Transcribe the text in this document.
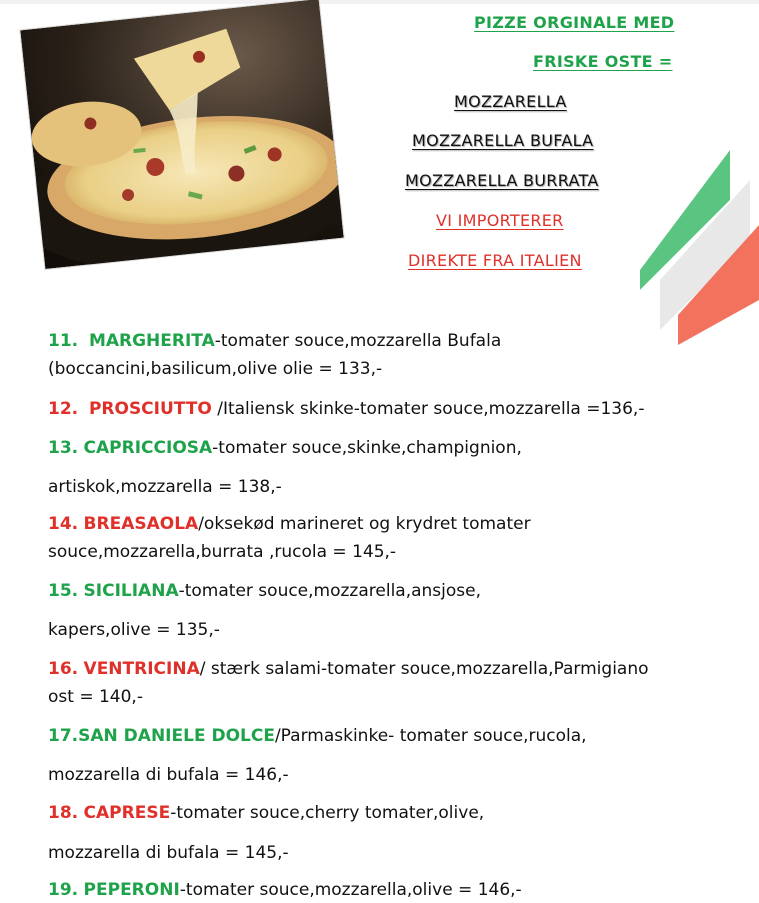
PIZZE ORGINALE MED
FRISKE OSTE =
MOZZARELLA
MOZZARELLA BUFALA
MOZZARELLA BURRATA
VI IMPORTERER
DIREKTE FRA ITALIEN
11. MARGHERITA-tomater souce,mozzarella Bufala
(boccancini,basilicum,olive olie = 133,-
12. PROSCIUTTO /Italiensk skinke-tomater souce,mozzarella =136,-
13. CAPRICCIOSA-tomater souce,skinke,champignion,
artiskok,mozzarella = 138,-
14. BREASAOLA/oksekød marineret og krydret tomater
souce,mozzarella,burrata ,rucola = 145,-
15. SICILIANA-tomater souce,mozzarella,ansjose,
kapers,olive = 135,-
16. VENTRICINA/ stærk salami-tomater souce,mozzarella,Parmigiano
ost = 140,-
17.SAN DANIELE DOLCE/Parmaskinke- tomater souce,rucola,
mozzarella di bufala = 146,-
18. CAPRESE-tomater souce,cherry tomater,olive,
mozzarella di bufala = 145,-
19. PEPERONI-tomater souce,mozzarella,olive = 146,-
